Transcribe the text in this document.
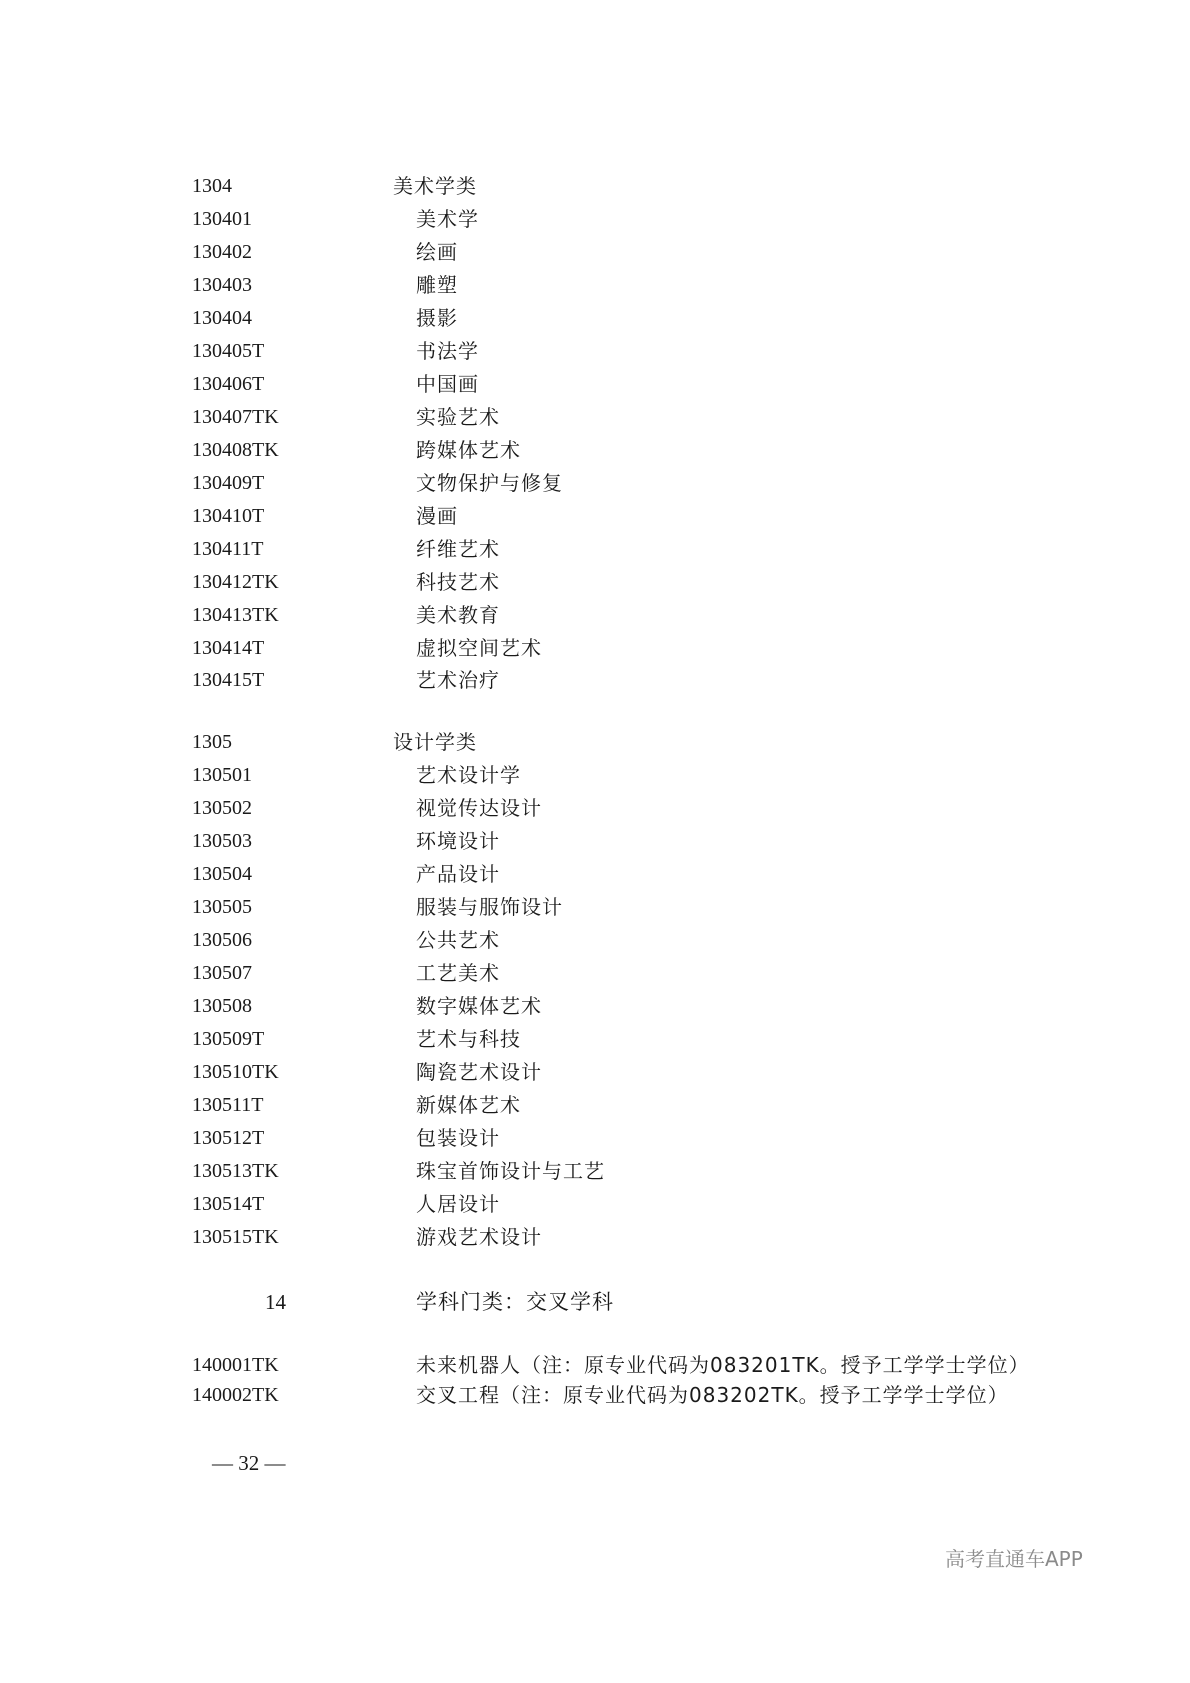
1304	美术学类
130401	美术学
130402	绘画
130403	雕塑
130404	摄影
130405T	书法学
130406T	中国画
130407TK	实验艺术
130408TK	跨媒体艺术
130409T	文物保护与修复
130410T	漫画
130411T	纤维艺术
130412TK	科技艺术
130413TK	美术教育
130414T	虚拟空间艺术
130415T	艺术治疗
1305	设计学类
130501	艺术设计学
130502	视觉传达设计
130503	环境设计
130504	产品设计
130505	服装与服饰设计
130506	公共艺术
130507	工艺美术
130508	数字媒体艺术
130509T	艺术与科技
130510TK	陶瓷艺术设计
130511T	新媒体艺术
130512T	包装设计
130513TK	珠宝首饰设计与工艺
130514T	人居设计
130515TK	游戏艺术设计
14	学科门类：交叉学科
140001TK	未来机器人（注：原专业代码为083201TK。授予工学学士学位）
140002TK	交叉工程（注：原专业代码为083202TK。授予工学学士学位）
— 32 —
高考直通车APP
